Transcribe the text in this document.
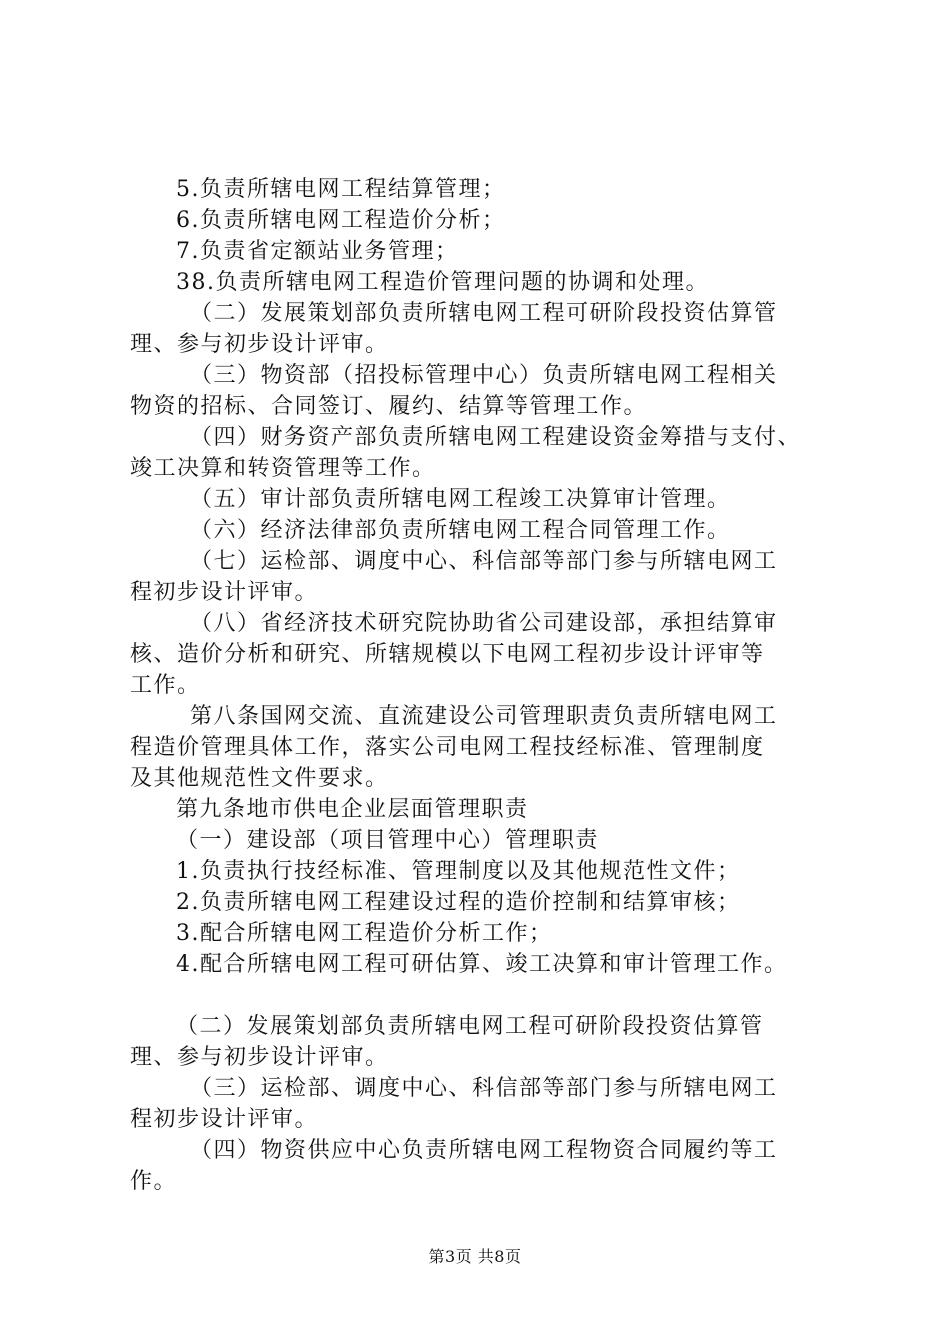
5.负责所辖电网工程结算管理；
6.负责所辖电网工程造价分析；
7.负责省定额站业务管理；
38.负责所辖电网工程造价管理问题的协调和处理。
（二）发展策划部负责所辖电网工程可研阶段投资估算管
理、参与初步设计评审。
（三）物资部（招投标管理中心）负责所辖电网工程相关
物资的招标、合同签订、履约、结算等管理工作。
（四）财务资产部负责所辖电网工程建设资金筹措与支付、
竣工决算和转资管理等工作。
（五）审计部负责所辖电网工程竣工决算审计管理。
（六）经济法律部负责所辖电网工程合同管理工作。
（七）运检部、调度中心、科信部等部门参与所辖电网工
程初步设计评审。
（八）省经济技术研究院协助省公司建设部，承担结算审
核、造价分析和研究、所辖规模以下电网工程初步设计评审等
工作。
第八条国网交流、直流建设公司管理职责负责所辖电网工
程造价管理具体工作，落实公司电网工程技经标准、管理制度
及其他规范性文件要求。
第九条地市供电企业层面管理职责
（一）建设部（项目管理中心）管理职责
1.负责执行技经标准、管理制度以及其他规范性文件；
2.负责所辖电网工程建设过程的造价控制和结算审核；
3.配合所辖电网工程造价分析工作；
4.配合所辖电网工程可研估算、竣工决算和审计管理工作。
（二）发展策划部负责所辖电网工程可研阶段投资估算管
理、参与初步设计评审。
（三）运检部、调度中心、科信部等部门参与所辖电网工
程初步设计评审。
（四）物资供应中心负责所辖电网工程物资合同履约等工
作。
第3页 共8页
